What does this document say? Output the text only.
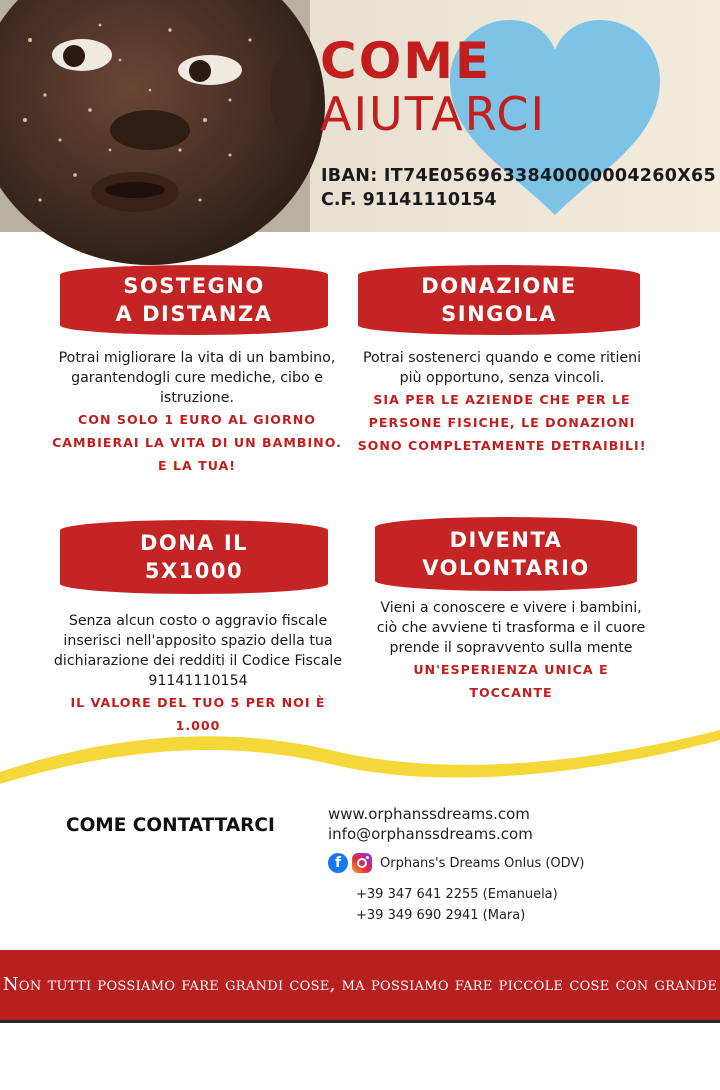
COME
AIUTARCI
IBAN: IT74E0569633840000004260X65
C.F. 91141110154
SOSTEGNO
A DISTANZA
Potrai migliorare la vita di un bambino, garantendogli cure mediche, cibo e istruzione.
CON SOLO 1 EURO AL GIORNO CAMBIERAI LA VITA DI UN BAMBINO. E LA TUA!
DONAZIONE
SINGOLA
Potrai sostenerci quando e come ritieni più opportuno, senza vincoli.
SIA PER LE AZIENDE CHE PER LE PERSONE FISICHE, LE DONAZIONI SONO COMPLETAMENTE DETRAIBILI!
DONA IL
5X1000
Senza alcun costo o aggravio fiscale inserisci nell'apposito spazio della tua dichiarazione dei redditi il Codice Fiscale 91141110154
IL VALORE DEL TUO 5 PER NOI È 1.000
DIVENTA
VOLONTARIO
Vieni a conoscere e vivere i bambini, ciò che avviene ti trasforma e il cuore prende il sopravvento sulla mente
UN'ESPERIENZA UNICA E TOCCANTE
COME CONTATTARCI
www.orphanssdreams.com
info@orphanssdreams.com
f	Orphans's Dreams Onlus (ODV)
+39 347 641 2255 (Emanuela)
+39 349 690 2941 (Mara)
Non tutti possiamo fare grandi cose, ma possiamo fare piccole cose con grande amore
